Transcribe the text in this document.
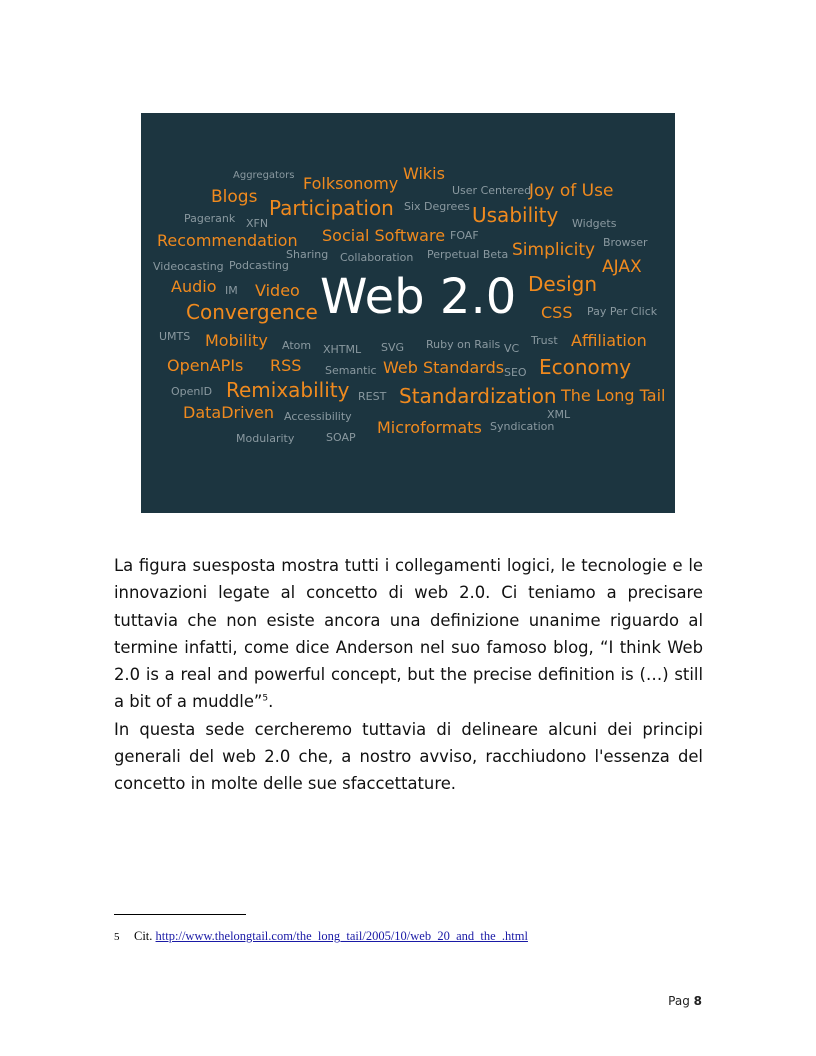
Aggregators Folksonomy
Wikis
User Centered
Joy of Use
Blogs Participation Six Degrees Usability Widgets
Pagerank XFN
Recommendation Social Software FOAF
Browser
Sharing	Simplicity
Videocasting Podcasting
Collaboration Perpetual Beta
AJAX
Audio IM Video Web 2.0 Design
Convergence	CSS Pay Per Click
UMTS Mobility Atom XHTML SVG Ruby on Rails VC
Trust Affiliation
OpenAPIs RSS Semantic Web Standards SEO Economy
OpenID Remixability REST Standardization The Long Tail
DataDriven Accessibility	XML
Microformats Syndication
Modularity	SOAP

La figura suesposta mostra tutti i collegamenti logici, le tecnologie e le innovazioni legate al concetto di web 2.0. Ci teniamo a precisare tuttavia che non esiste ancora una definizione unanime riguardo al termine infatti, come dice Anderson nel suo famoso blog, “I think Web 2.0 is a real and powerful concept, but the precise definition is (…) still a bit of a muddle”$^5$.

In questa sede cercheremo tuttavia di delineare alcuni dei principi generali del web 2.0 che, a nostro avviso, racchiudono l'essenza del concetto in molte delle sue sfaccettature.

5 Cit. http://www.thelongtail.com/the_long_tail/2005/10/web_20_and_the_.html
Pag 8
